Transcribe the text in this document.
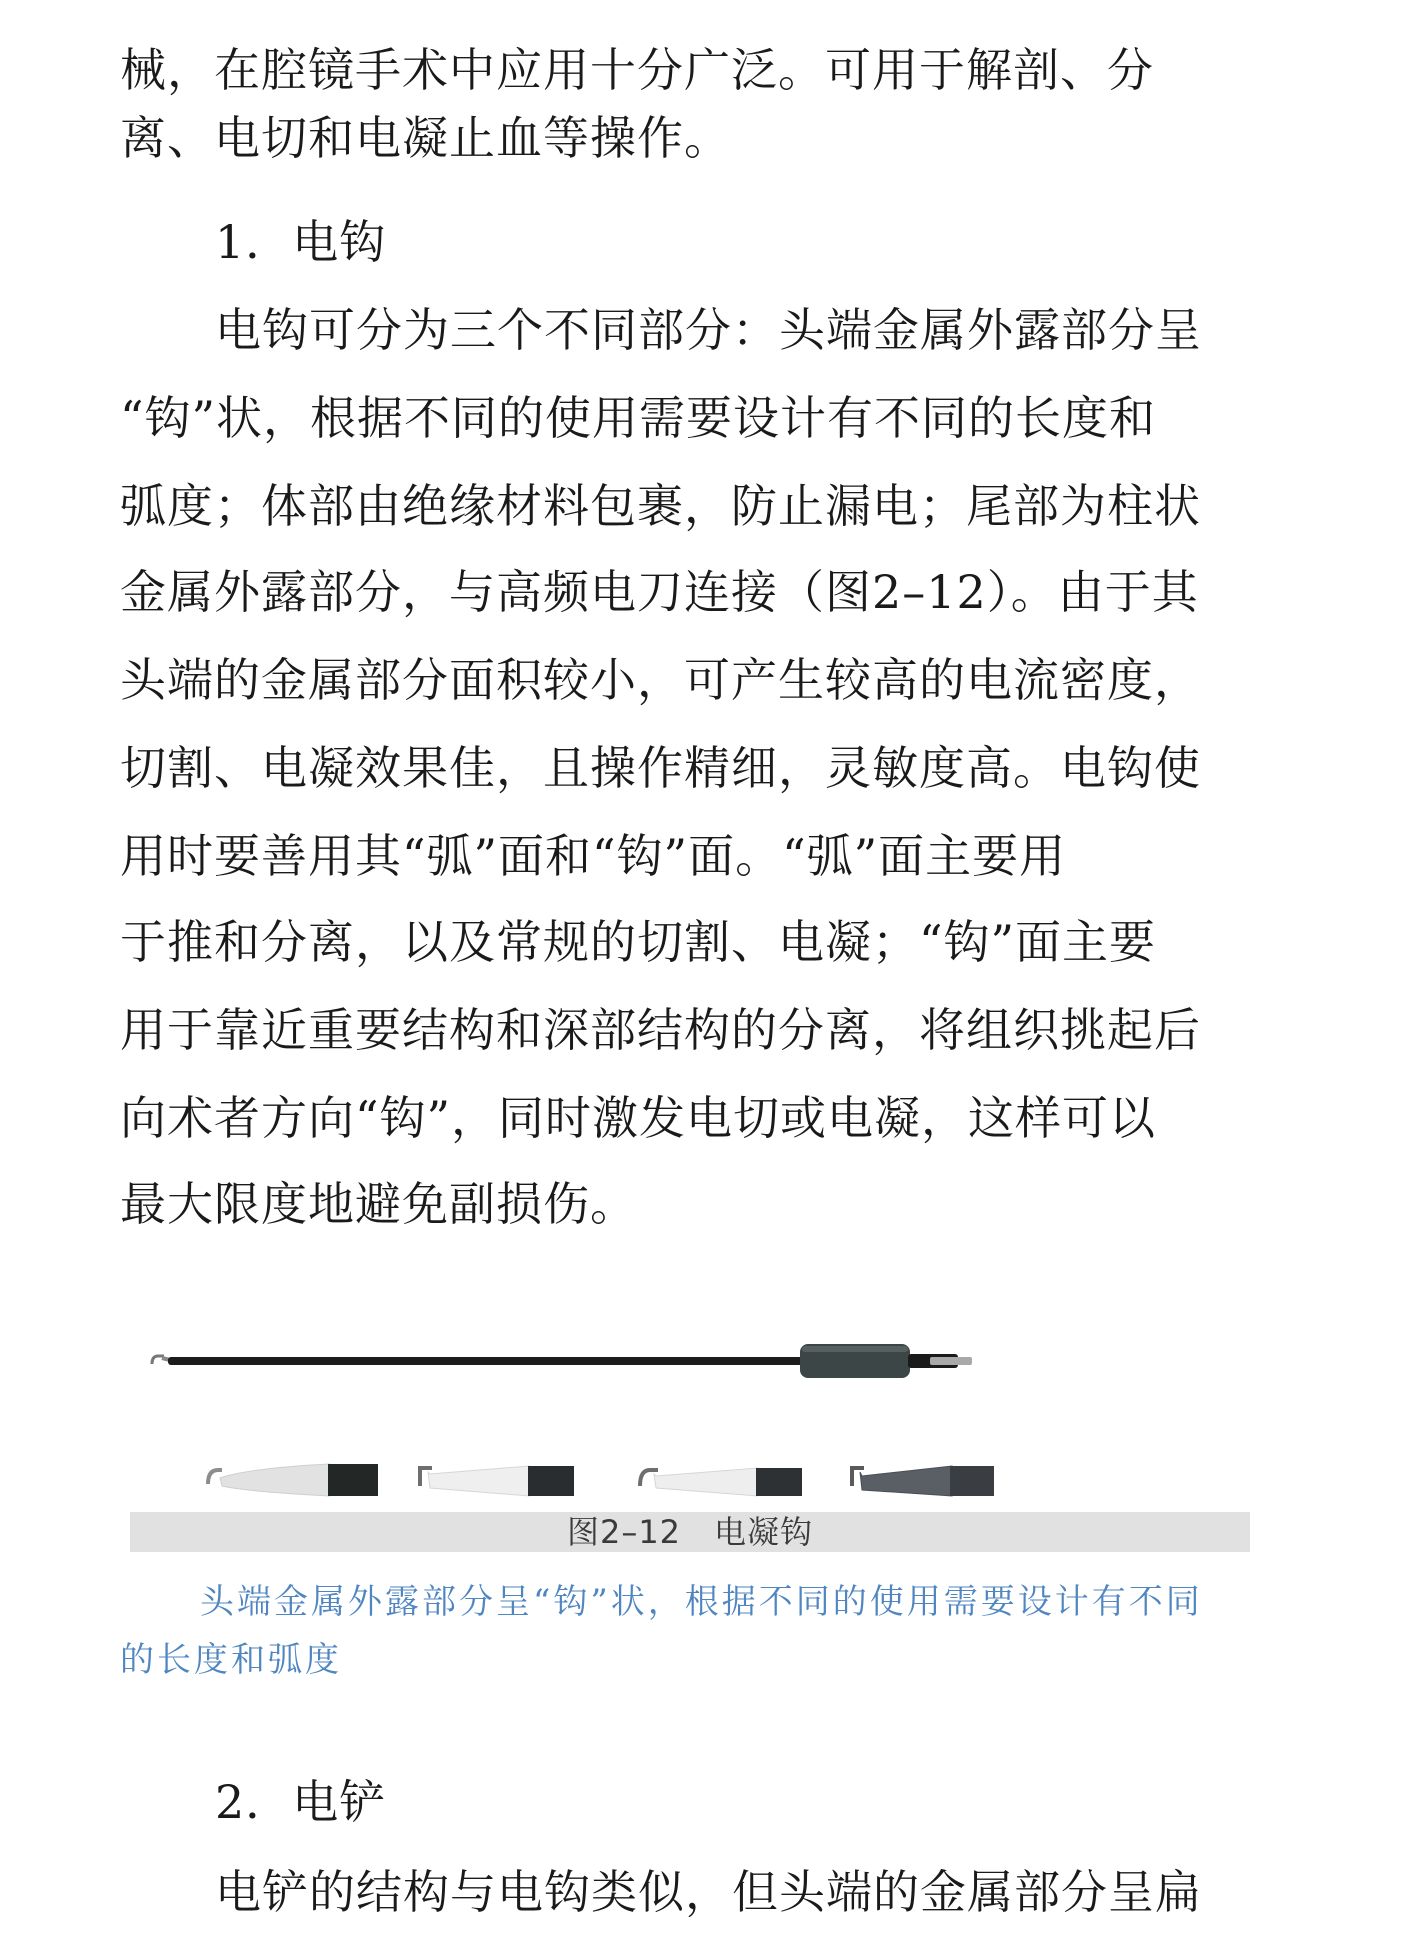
械，在腔镜手术中应用十分广泛。可用于解剖、分
离、电切和电凝止血等操作。
1．电钩
电钩可分为三个不同部分：头端金属外露部分呈
“钩”状，根据不同的使用需要设计有不同的长度和
弧度；体部由绝缘材料包裹，防止漏电；尾部为柱状
金属外露部分，与高频电刀连接（图2–12）。由于其
头端的金属部分面积较小，可产生较高的电流密度，
切割、电凝效果佳，且操作精细，灵敏度高。电钩使
用时要善用其“弧”面和“钩”面。“弧”面主要用
于推和分离，以及常规的切割、电凝；“钩”面主要
用于靠近重要结构和深部结构的分离，将组织挑起后
向术者方向“钩”，同时激发电切或电凝，这样可以
最大限度地避免副损伤。
图2–12　电凝钩
头端金属外露部分呈“钩”状，根据不同的使用需要设计有不同
的长度和弧度
2．电铲
电铲的结构与电钩类似，但头端的金属部分呈扁
